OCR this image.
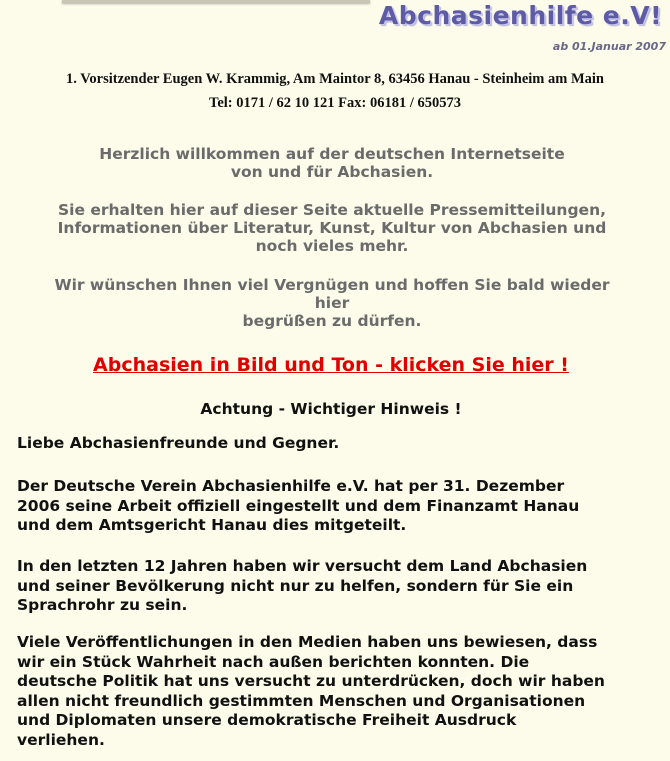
Abchasienhilfe e.V!
ab 01.Januar 2007
1. Vorsitzender Eugen W. Krammig, Am Maintor 8, 63456 Hanau - Steinheim am Main
Tel: 0171 / 62 10 121 Fax: 06181 / 650573
Herzlich willkommen auf der deutschen Internetseite
von und für Abchasien.
Sie erhalten hier auf dieser Seite aktuelle Pressemitteilungen,
Informationen über Literatur, Kunst, Kultur von Abchasien und
noch vieles mehr.
Wir wünschen Ihnen viel Vergnügen und hoffen Sie bald wieder
hier
begrüßen zu dürfen.
Abchasien in Bild und Ton - klicken Sie hier !
Achtung - Wichtiger Hinweis !
Liebe Abchasienfreunde und Gegner.
Der Deutsche Verein Abchasienhilfe e.V. hat per 31. Dezember
2006 seine Arbeit offiziell eingestellt und dem Finanzamt Hanau
und dem Amtsgericht Hanau dies mitgeteilt.
In den letzten 12 Jahren haben wir versucht dem Land Abchasien
und seiner Bevölkerung nicht nur zu helfen, sondern für Sie ein
Sprachrohr zu sein.
Viele Veröffentlichungen in den Medien haben uns bewiesen, dass
wir ein Stück Wahrheit nach außen berichten konnten. Die
deutsche Politik hat uns versucht zu unterdrücken, doch wir haben
allen nicht freundlich gestimmten Menschen und Organisationen
und Diplomaten unsere demokratische Freiheit Ausdruck
verliehen.
